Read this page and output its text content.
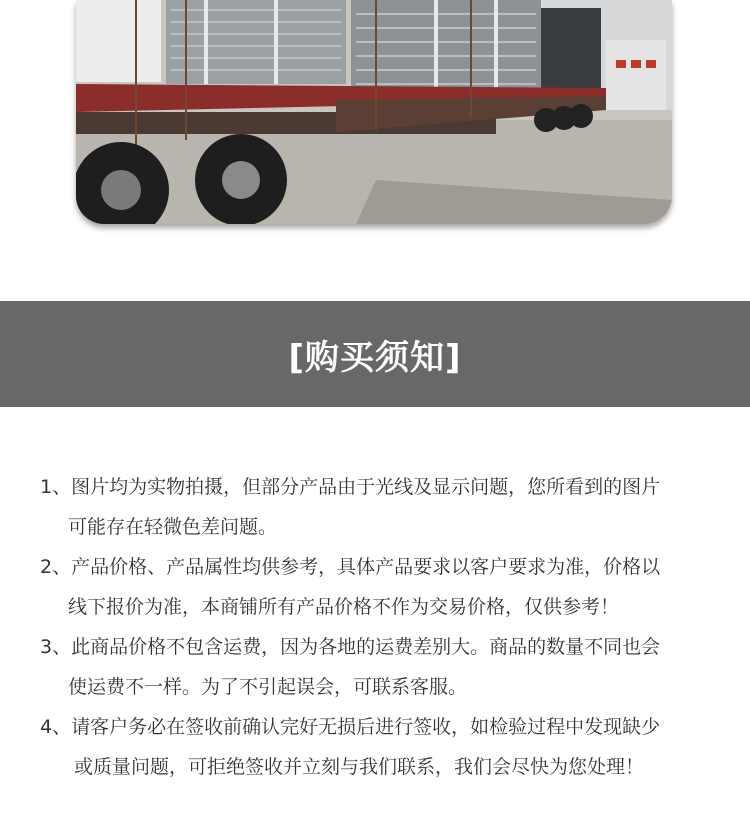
[购买须知]
1、图片均为实物拍摄，但部分产品由于光线及显示问题，您所看到的图片
可能存在轻微色差问题。
2、产品价格、产品属性均供参考，具体产品要求以客户要求为准，价格以
线下报价为准，本商铺所有产品价格不作为交易价格，仅供参考！
3、此商品价格不包含运费，因为各地的运费差别大。商品的数量不同也会
使运费不一样。为了不引起误会，可联系客服。
4、请客户务必在签收前确认完好无损后进行签收，如检验过程中发现缺少
或质量问题，可拒绝签收并立刻与我们联系，我们会尽快为您处理！
